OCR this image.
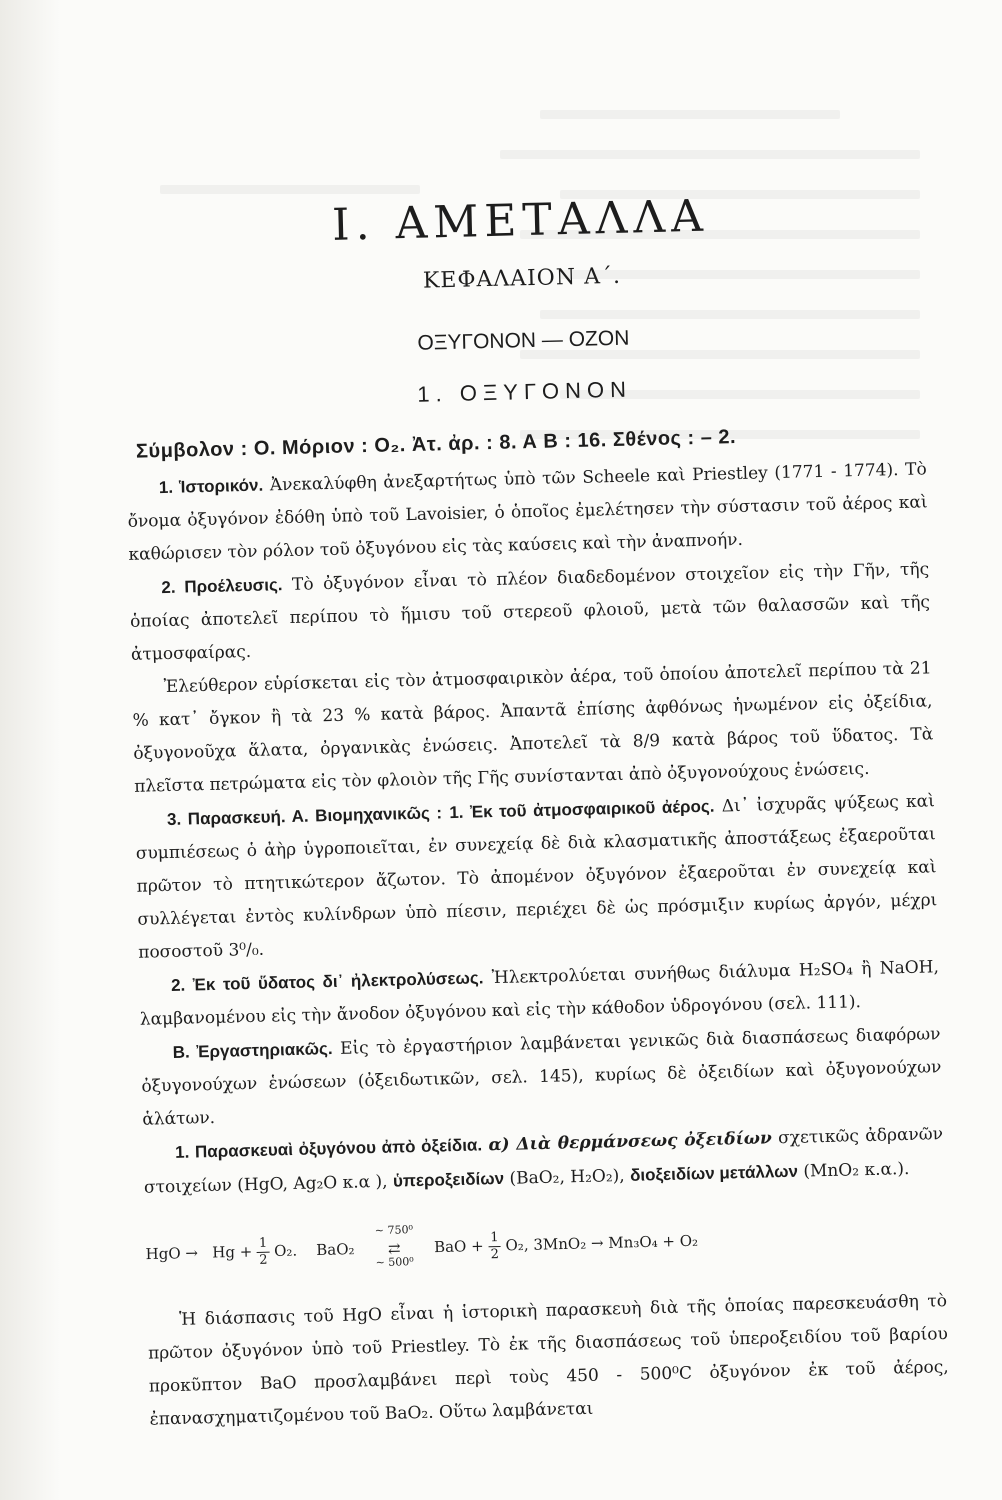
I. ΑΜΕΤΑΛΛΑ
ΚΕΦΑΛΑΙΟΝ Α΄.
ΟΞΥΓΟΝΟΝ — ΟΖΟΝ
1. ΟΞΥΓΟΝΟΝ
Σύμβολον : Ο. Μόριον : Ο₂. Ἀτ. ἀρ. : 8. Α Β : 16. Σθένος : – 2.

1. Ἱστορικόν. Ἀνεκαλύφθη ἀνεξαρτήτως ὑπὸ τῶν Scheele καὶ Priestley (1771 - 1774). Τὸ ὄνομα ὀξυγόνον ἐδόθη ὑπὸ τοῦ Lavoisier, ὁ ὁποῖος ἐμελέτησεν τὴν σύστασιν τοῦ ἀέρος καὶ καθώρισεν τὸν ρόλον τοῦ ὀξυγόνου εἰς τὰς καύσεις καὶ τὴν ἀναπνοήν.

2. Προέλευσις. Τὸ ὀξυγόνον εἶναι τὸ πλέον διαδεδομένον στοιχεῖον εἰς τὴν Γῆν, τῆς ὁποίας ἀποτελεῖ περίπου τὸ ἥμισυ τοῦ στερεοῦ φλοιοῦ, μετὰ τῶν θαλασσῶν καὶ τῆς ἀτμοσφαίρας.

Ἐλεύθερον εὑρίσκεται εἰς τὸν ἀτμοσφαιρικὸν ἀέρα, τοῦ ὁποίου ἀποτελεῖ περίπου τὰ 21 % κατ᾽ ὄγκον ἢ τὰ 23 % κατὰ βάρος. Ἀπαντᾶ ἐπίσης ἀφθόνως ἡνωμένον εἰς ὀξείδια, ὀξυγονοῦχα ἅλατα, ὀργανικὰς ἑνώσεις. Ἀποτελεῖ τὰ 8/9 κατὰ βάρος τοῦ ὕδατος. Τὰ πλεῖστα πετρώματα εἰς τὸν φλοιὸν τῆς Γῆς συνίστανται ἀπὸ ὀξυγονούχους ἑνώσεις.

3. Παρασκευή. Α. Βιομηχανικῶς : 1. Ἐκ τοῦ ἀτμοσφαιρικοῦ ἀέρος. Δι᾽ ἰσχυρᾶς ψύξεως καὶ συμπιέσεως ὁ ἀὴρ ὑγροποιεῖται, ἐν συνεχείᾳ δὲ διὰ κλασματικῆς ἀποστάξεως ἐξαεροῦται πρῶτον τὸ πτητικώτερον ἄζωτον. Τὸ ἀπομένον ὀξυγόνον ἐξαεροῦται ἐν συνεχείᾳ καὶ συλλέγεται ἐντὸς κυλίνδρων ὑπὸ πίεσιν, περιέχει δὲ ὡς πρόσμιξιν κυρίως ἀργόν, μέχρι ποσοστοῦ 3⁰/₀.

2. Ἐκ τοῦ ὕδατος δι᾽ ἠλεκτρολύσεως. Ἠλεκτρολύεται συνήθως διάλυμα H₂SO₄ ἢ NaOH, λαμβανομένου εἰς τὴν ἄνοδον ὀξυγόνου καὶ εἰς τὴν κάθοδον ὑδρογόνου (σελ. 111).

Β. Ἐργαστηριακῶς. Εἰς τὸ ἐργαστήριον λαμβάνεται γενικῶς διὰ διασπάσεως διαφόρων ὀξυγονούχων ἑνώσεων (ὀξειδωτικῶν, σελ. 145), κυρίως δὲ ὀξειδίων καὶ ὀξυγονούχων ἁλάτων.

1. Παρασκευαὶ ὀξυγόνου ἀπὸ ὀξείδια. α) Διὰ θερμάνσεως ὀξειδίων σχετικῶς ἀδρανῶν στοιχείων (HgO, Ag₂O κ.α ), ὑπεροξειδίων (BaO₂, H₂O₂), διοξειδίων μετάλλων (MnO₂ κ.α.).

HgO → $Hg + \frac{1}{2} O_2$. BaO₂
~ 750⁰
⇄
~ 500⁰
BaO + $\frac{1}{2} O_2$, 3MnO₂ → Mn₃O₄ + O₂

Ἡ διάσπασις τοῦ HgO εἶναι ἡ ἱστορικὴ παρασκευὴ διὰ τῆς ὁποίας παρεσκευάσθη τὸ πρῶτον ὀξυγόνον ὑπὸ τοῦ Priestley. Τὸ ἐκ τῆς διασπάσεως τοῦ ὑπεροξειδίου τοῦ βαρίου προκῦπτον BaO προσλαμβάνει περὶ τοὺς 450 - 500⁰C ὀξυγόνον ἐκ τοῦ ἀέρος, ἐπανασχηματιζομένου τοῦ BaO₂. Οὕτω λαμβάνεται
